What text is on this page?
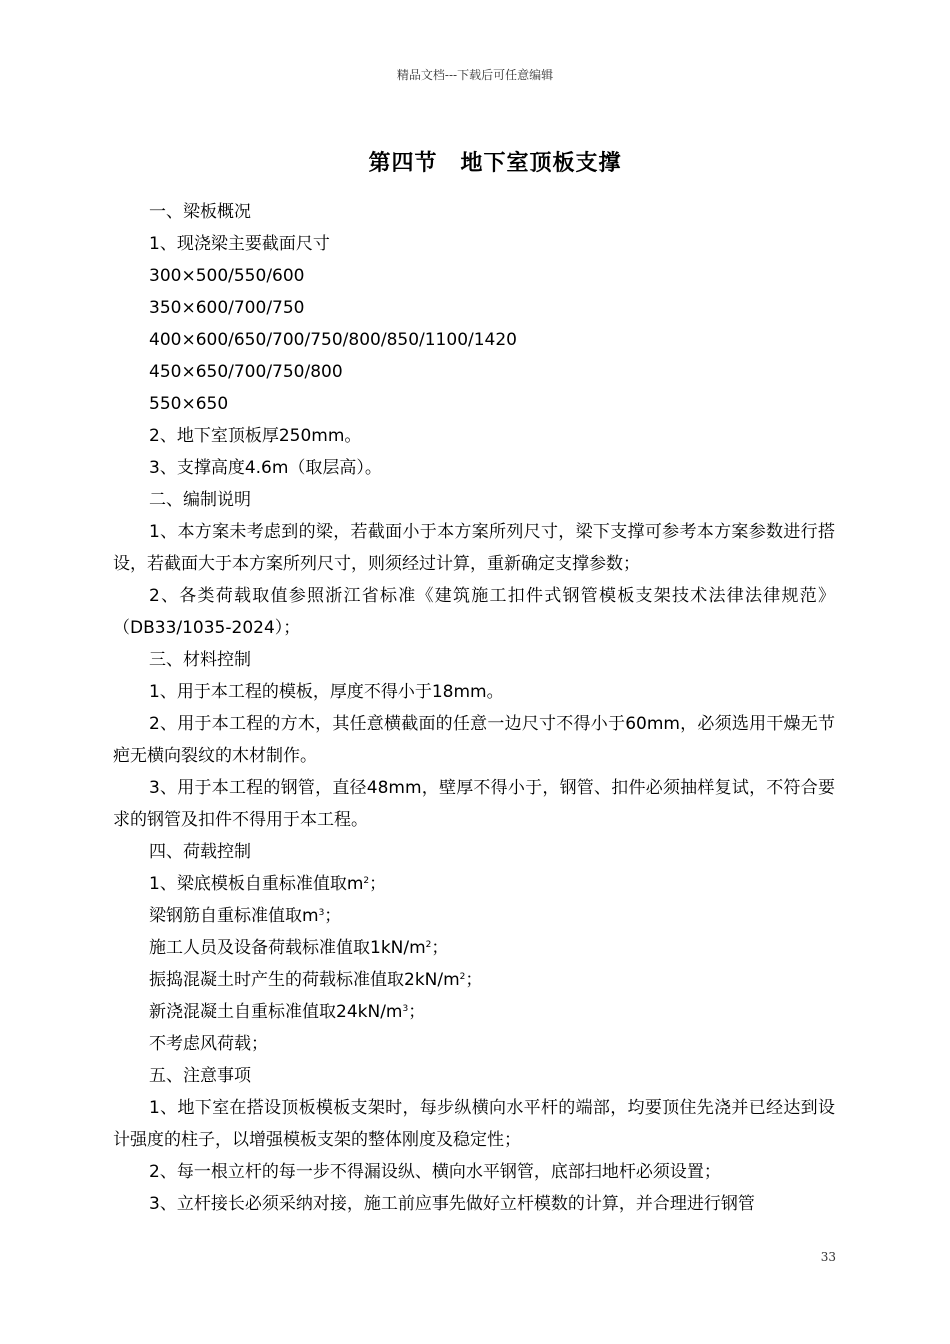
精品文档---下载后可任意编辑
第四节　地下室顶板支撑

一、梁板概况

1、现浇梁主要截面尺寸

300×500/550/600

350×600/700/750

400×600/650/700/750/800/850/1100/1420

450×650/700/750/800

550×650

2、地下室顶板厚250mm。

3、支撑高度4.6m（取层高）。

二、编制说明

1、本方案未考虑到的梁，若截面小于本方案所列尺寸，梁下支撑可参考本方案参数进行搭设，若截面大于本方案所列尺寸，则须经过计算，重新确定支撑参数；

2、各类荷载取值参照浙江省标准《建筑施工扣件式钢管模板支架技术法律法律规范》（DB33/1035-2024）；

三、材料控制

1、用于本工程的模板，厚度不得小于18mm。

2、用于本工程的方木，其任意横截面的任意一边尺寸不得小于60mm，必须选用干燥无节疤无横向裂纹的木材制作。

3、用于本工程的钢管，直径48mm，壁厚不得小于，钢管、扣件必须抽样复试，不符合要求的钢管及扣件不得用于本工程。

四、荷载控制

1、梁底模板自重标准值取$m^2$；

梁钢筋自重标准值取$m^3$；

施工人员及设备荷载标准值取$1kN/m^2$；

振捣混凝土时产生的荷载标准值取$2kN/m^2$；

新浇混凝土自重标准值取$24kN/m^3$；

不考虑风荷载；

五、注意事项

1、地下室在搭设顶板模板支架时，每步纵横向水平杆的端部，均要顶住先浇并已经达到设计强度的柱子，以增强模板支架的整体刚度及稳定性；

2、每一根立杆的每一步不得漏设纵、横向水平钢管，底部扫地杆必须设置；

3、立杆接长必须采纳对接，施工前应事先做好立杆模数的计算，并合理进行钢管

33
